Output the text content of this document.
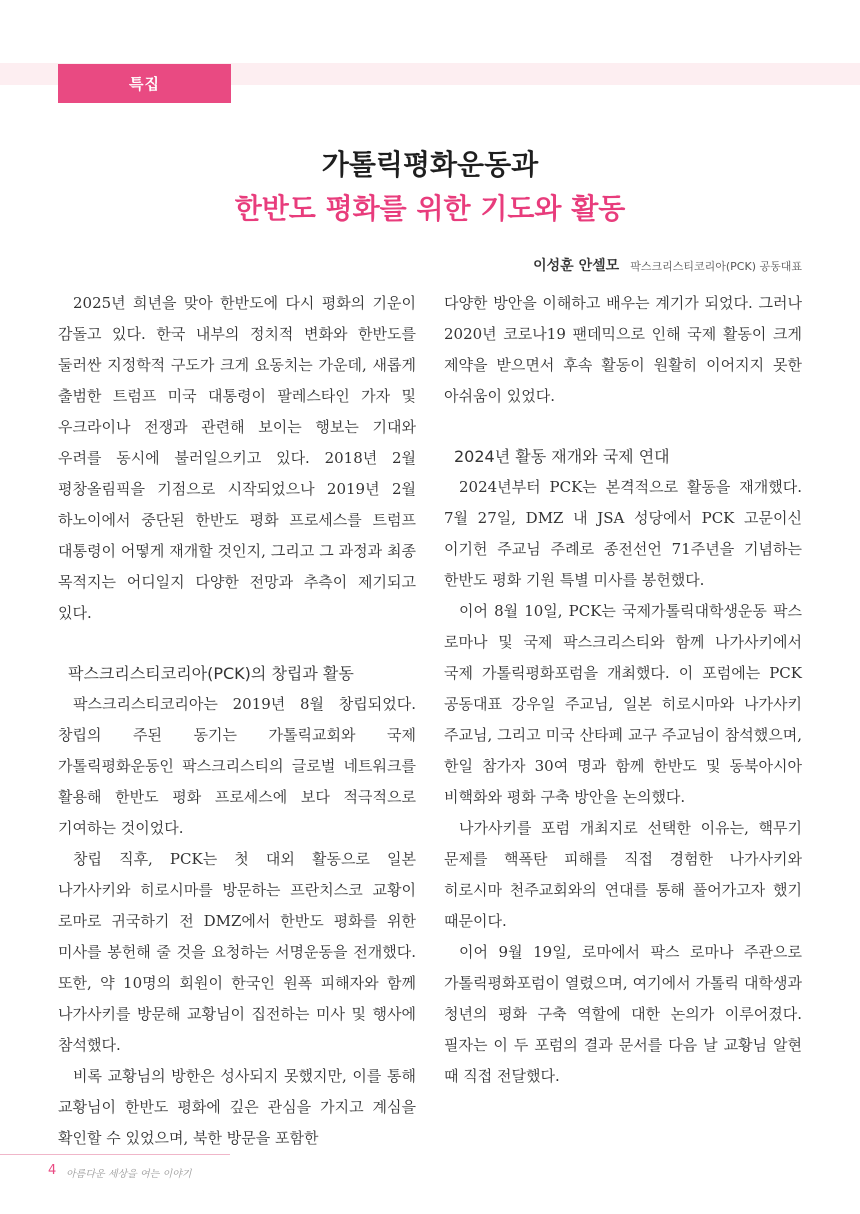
특집
가톨릭평화운동과
한반도 평화를 위한 기도와 활동
이성훈 안셀모 팍스크리스티코리아(PCK) 공동대표

2025년 희년을 맞아 한반도에 다시 평화의 기운이 감돌고 있다. 한국 내부의 정치적 변화와 한반도를 둘러싼 지정학적 구도가 크게 요동치는 가운데, 새롭게 출범한 트럼프 미국 대통령이 팔레스타인 가자 및 우크라이나 전쟁과 관련해 보이는 행보는 기대와 우려를 동시에 불러일으키고 있다. 2018년 2월 평창올림픽을 기점으로 시작되었으나 2019년 2월 하노이에서 중단된 한반도 평화 프로세스를 트럼프 대통령이 어떻게 재개할 것인지, 그리고 그 과정과 최종 목적지는 어디일지 다양한 전망과 추측이 제기되고 있다.

팍스크리스티코리아(PCK)의 창립과 활동

팍스크리스티코리아는 2019년 8월 창립되었다. 창립의 주된 동기는 가톨릭교회와 국제 가톨릭평화운동인 팍스크리스티의 글로벌 네트워크를 활용해 한반도 평화 프로세스에 보다 적극적으로 기여하는 것이었다.

창립 직후, PCK는 첫 대외 활동으로 일본 나가사키와 히로시마를 방문하는 프란치스코 교황이 로마로 귀국하기 전 DMZ에서 한반도 평화를 위한 미사를 봉헌해 줄 것을 요청하는 서명운동을 전개했다. 또한, 약 10명의 회원이 한국인 원폭 피해자와 함께 나가사키를 방문해 교황님이 집전하는 미사 및 행사에 참석했다.

비록 교황님의 방한은 성사되지 못했지만, 이를 통해 교황님이 한반도 평화에 깊은 관심을 가지고 계심을 확인할 수 있었으며, 북한 방문을 포함한

다양한 방안을 이해하고 배우는 계기가 되었다. 그러나 2020년 코로나19 팬데믹으로 인해 국제 활동이 크게 제약을 받으면서 후속 활동이 원활히 이어지지 못한 아쉬움이 있었다.

2024년 활동 재개와 국제 연대

2024년부터 PCK는 본격적으로 활동을 재개했다. 7월 27일, DMZ 내 JSA 성당에서 PCK 고문이신 이기헌 주교님 주례로 종전선언 71주년을 기념하는 한반도 평화 기원 특별 미사를 봉헌했다.

이어 8월 10일, PCK는 국제가톨릭대학생운동 팍스 로마나 및 국제 팍스크리스티와 함께 나가사키에서 국제 가톨릭평화포럼을 개최했다. 이 포럼에는 PCK 공동대표 강우일 주교님, 일본 히로시마와 나가사키 주교님, 그리고 미국 산타페 교구 주교님이 참석했으며, 한일 참가자 30여 명과 함께 한반도 및 동북아시아 비핵화와 평화 구축 방안을 논의했다.

나가사키를 포럼 개최지로 선택한 이유는, 핵무기 문제를 핵폭탄 피해를 직접 경험한 나가사키와 히로시마 천주교회와의 연대를 통해 풀어가고자 했기 때문이다.

이어 9월 19일, 로마에서 팍스 로마나 주관으로 가톨릭평화포럼이 열렸으며, 여기에서 가톨릭 대학생과 청년의 평화 구축 역할에 대한 논의가 이루어졌다. 필자는 이 두 포럼의 결과 문서를 다음 날 교황님 알현 때 직접 전달했다.

4 아름다운 세상을 여는 이야기
